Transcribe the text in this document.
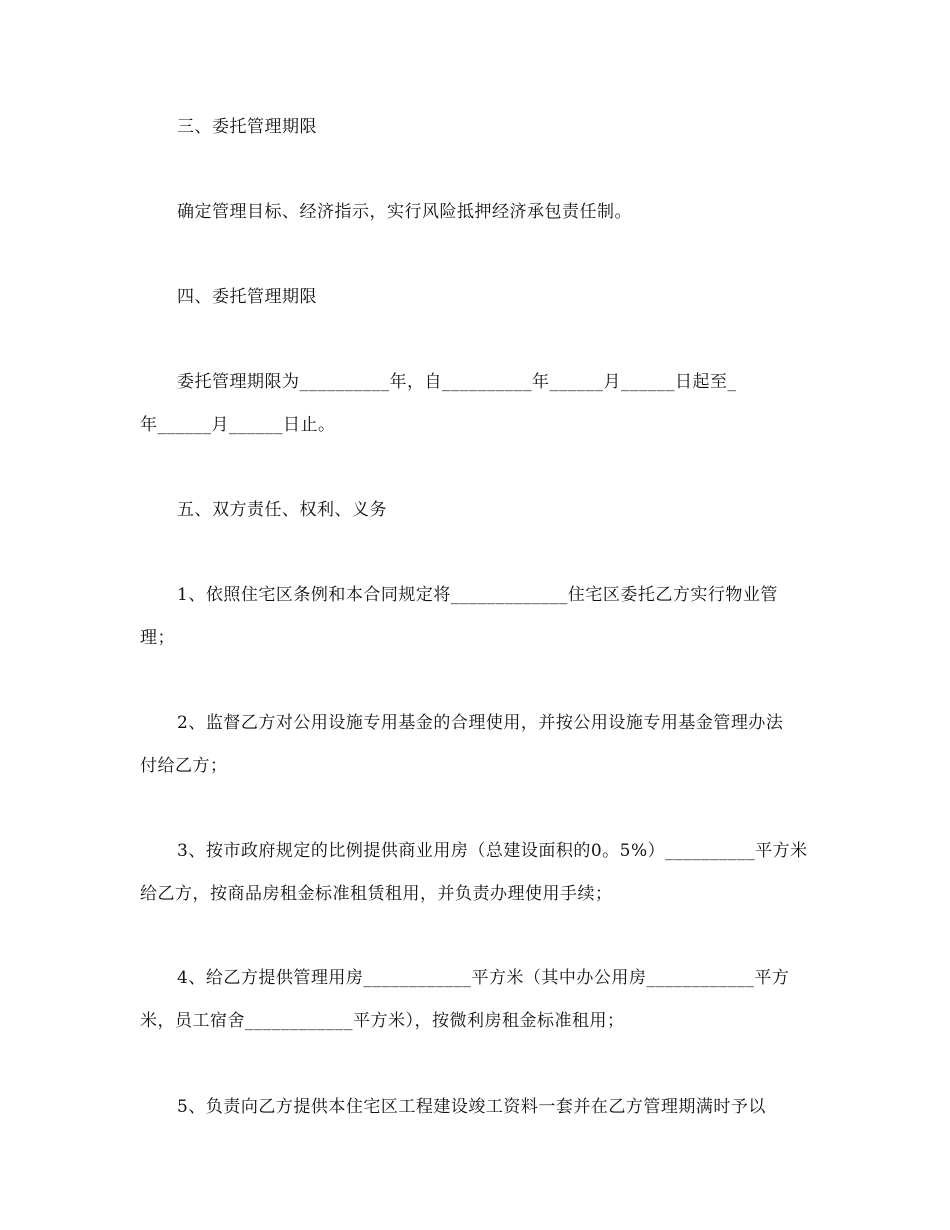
三、委托管理期限
确定管理目标、经济指示，实行风险抵押经济承包责任制。
四、委托管理期限
委托管理期限为__________年，自__________年______月______日起至_
年______月______日止。
五、双方责任、权利、义务
1、依照住宅区条例和本合同规定将_____________住宅区委托乙方实行物业管
理；
2、监督乙方对公用设施专用基金的合理使用，并按公用设施专用基金管理办法
付给乙方；
3、按市政府规定的比例提供商业用房（总建设面积的0。5%）__________平方米
给乙方，按商品房租金标准租赁租用，并负责办理使用手续；
4、给乙方提供管理用房____________平方米（其中办公用房____________平方
米，员工宿舍____________平方米），按微利房租金标准租用；
5、负责向乙方提供本住宅区工程建设竣工资料一套并在乙方管理期满时予以
